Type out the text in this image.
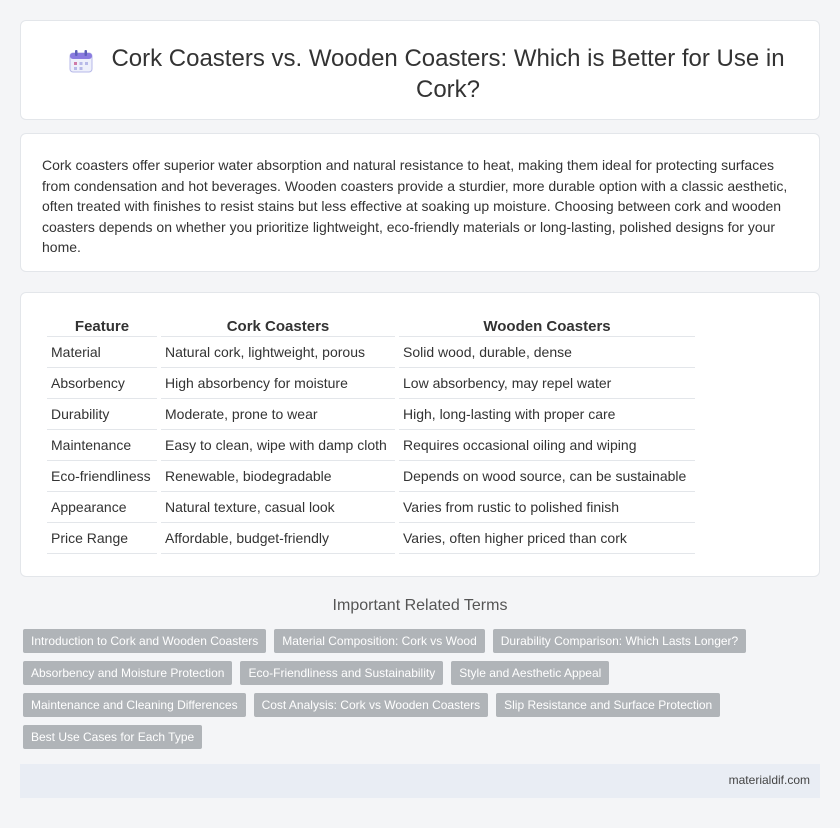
Cork Coasters vs. Wooden Coasters: Which is Better for Use in Cork?

Cork coasters offer superior water absorption and natural resistance to heat, making them ideal for protecting surfaces from condensation and hot beverages. Wooden coasters provide a sturdier, more durable option with a classic aesthetic, often treated with finishes to resist stains but less effective at soaking up moisture. Choosing between cork and wooden coasters depends on whether you prioritize lightweight, eco-friendly materials or long-lasting, polished designs for your home.

Feature	Cork Coasters	Wooden Coasters
Material	Natural cork, lightweight, porous	Solid wood, durable, dense
Absorbency	High absorbency for moisture	Low absorbency, may repel water
Durability	Moderate, prone to wear	High, long-lasting with proper care
Maintenance	Easy to clean, wipe with damp cloth	Requires occasional oiling and wiping
Eco-friendliness	Renewable, biodegradable	Depends on wood source, can be sustainable
Appearance	Natural texture, casual look	Varies from rustic to polished finish
Price Range	Affordable, budget-friendly	Varies, often higher priced than cork
Important Related Terms
Introduction to Cork and Wooden Coasters	Material Composition: Cork vs Wood	Durability Comparison: Which Lasts Longer?
Absorbency and Moisture Protection	Eco-Friendliness and Sustainability	Style and Aesthetic Appeal
Maintenance and Cleaning Differences	Cost Analysis: Cork vs Wooden Coasters	Slip Resistance and Surface Protection
Best Use Cases for Each Type
materialdif.com
